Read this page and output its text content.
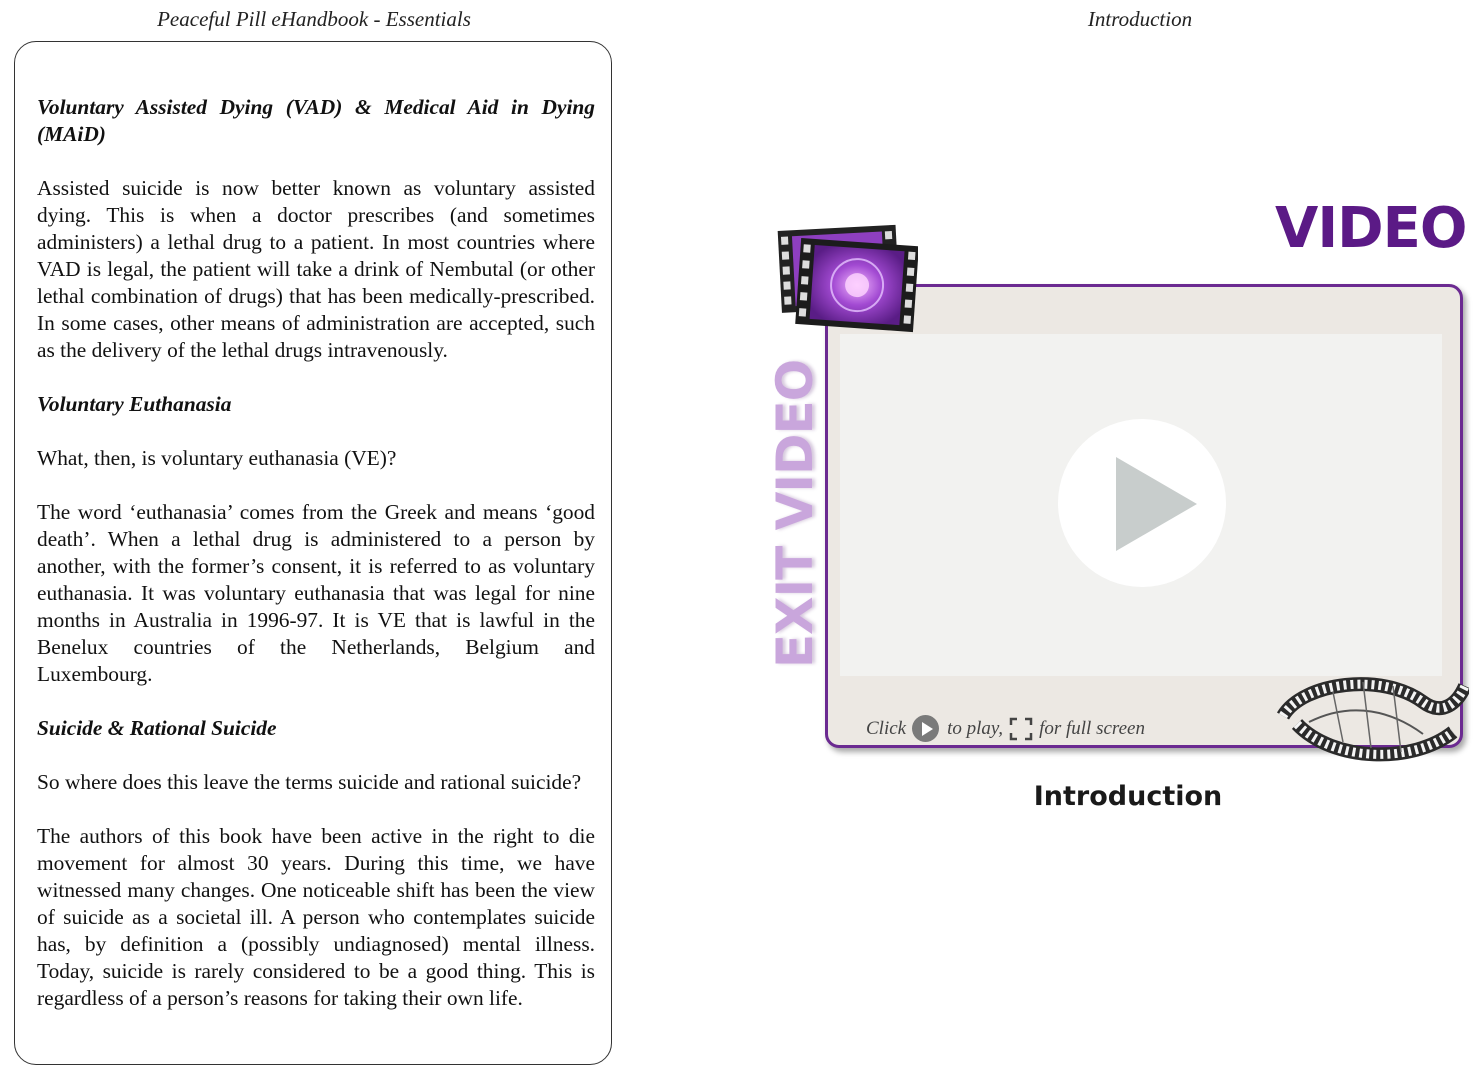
Peaceful Pill eHandbook - Essentials	Introduction
Voluntary Assisted Dying (VAD) & Medical Aid in Dying (MAiD)

Assisted suicide is now better known as voluntary assisted dying. This is when a doctor prescribes (and sometimes administers) a lethal drug to a patient. In most countries where VAD is legal, the patient will take a drink of Nembutal (or other lethal combination of drugs) that has been medically-prescribed. In some cases, other means of administration are accepted, such as the delivery of the lethal drugs intravenously.

Voluntary Euthanasia

What, then, is voluntary euthanasia (VE)?

The word ‘euthanasia’ comes from the Greek and means ‘good death’. When a lethal drug is administered to a person by another, with the former’s consent, it is referred to as voluntary euthanasia. It was voluntary euthanasia that was legal for nine months in Australia in 1996-97. It is VE that is lawful in the Benelux countries of the Netherlands, Belgium and Luxembourg.

Suicide & Rational Suicide

So where does this leave the terms suicide and rational suicide?

The authors of this book have been active in the right to die movement for almost 30 years. During this time, we have witnessed many changes. One noticeable shift has been the view of suicide as a societal ill. A person who contemplates suicide has, by definition a (possibly undiagnosed) mental illness. Today, suicide is rarely considered to be a good thing. This is regardless of a person’s reasons for taking their own life.

VIDEO
EXIT VIDEO
Click to play, for full screen
Introduction
